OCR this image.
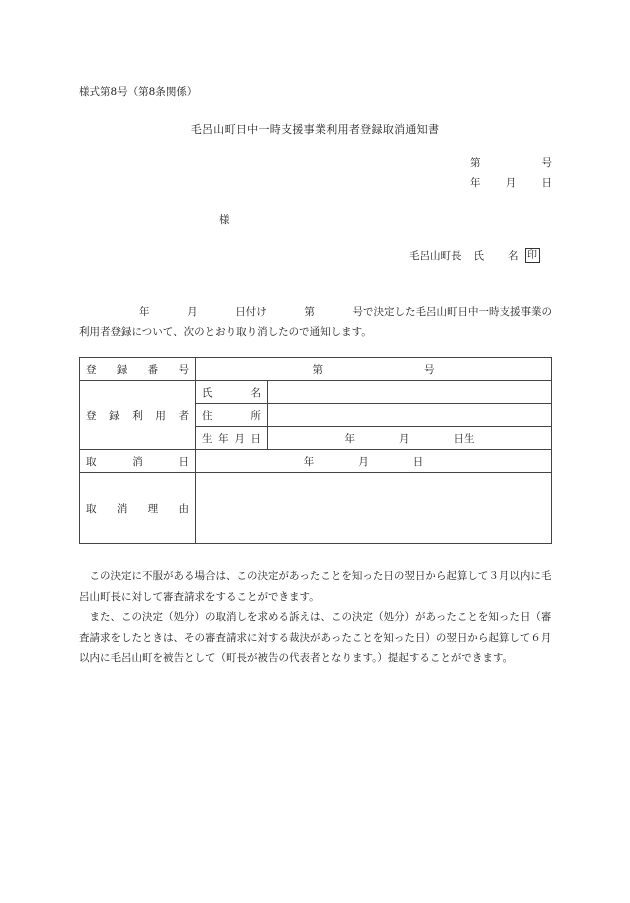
様式第8号（第8条関係）
毛呂山町日中一時支援事業利用者登録取消通知書
第	号
年 月 日
様
毛呂山町長 氏 名 印
年	月	日付け	第	号で決定した毛呂山町日中一時支援事業の
利用者登録について、次のとおり取り消したので通知します。
登 録 番 号	第 号	

登 録 利 用 者	氏 名	

	住 所	

	生 年 月 日	年 月 日生

取 消 日	年 月 日	

取 消 理 由		

この決定に不服がある場合は、この決定があったことを知った日の翌日から起算して３月以内に毛呂山町長に対して審査請求をすることができます。

また、この決定（処分）の取消しを求める訴えは、この決定（処分）があったことを知った日（審査請求をしたときは、その審査請求に対する裁決があったことを知った日）の翌日から起算して６月以内に毛呂山町を被告として（町長が被告の代表者となります。）提起することができます。
